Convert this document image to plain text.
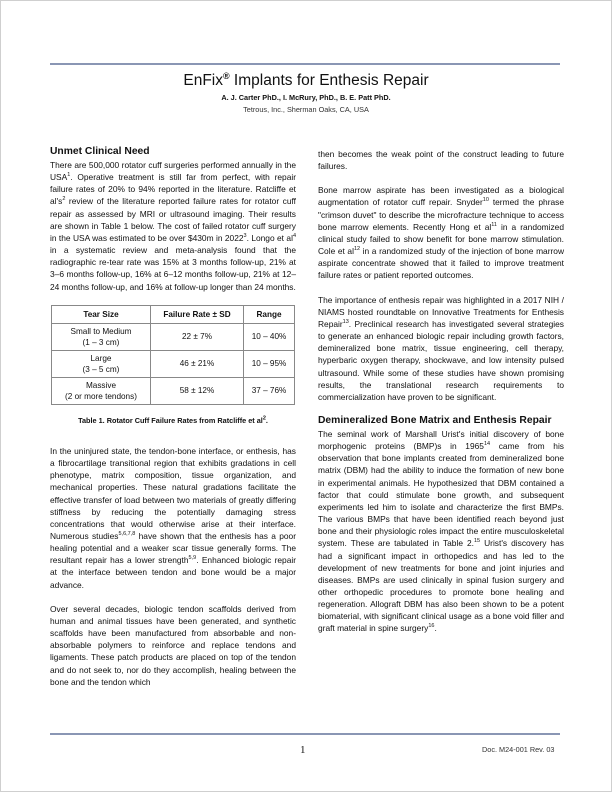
EnFix® Implants for Enthesis Repair
A. J. Carter PhD., I. McRury, PhD., B. E. Patt PhD.
Tetrous, Inc., Sherman Oaks, CA, USA
Unmet Clinical Need

There are 500,000 rotator cuff surgeries performed annually in the USA$^1$. Operative treatment is still far from perfect, with repair failure rates of 20% to 94% reported in the literature. Ratcliffe et $al's^2$ review of the literature reported failure rates for rotator cuff repair as assessed by MRI or ultrasound imaging. Their results are shown in Table 1 below. The cost of failed rotator cuff surgery in the USA was estimated to be over $430m in 2022$^3$. Longo et $al^4$ in a systematic review and meta-analysis found that the radiographic re-tear rate was 15% at 3 months follow-up, 21% at 3–6 months follow-up, 16% at 6–12 months follow-up, 21% at 12–24 months follow-up, and 16% at follow-up longer than 24 months.

Tear Size	Failure Rate ± SD	Range
Small to Medium
(1 – 3 cm)	22 ± 7%	10 – 40%
Large
(3 – 5 cm)	46 ± 21%	10 – 95%
Massive
(2 or more tendons)	58 ± 12%	37 – 76%
Table 1. Rotator Cuff Failure Rates from Ratcliffe et $al^2$.

In the uninjured state, the tendon-bone interface, or enthesis, has a fibrocartilage transitional region that exhibits gradations in cell phenotype, matrix composition, tissue organization, and mechanical properties. These natural gradations facilitate the effective transfer of load between two materials of greatly differing stiffness by reducing the potentially damaging stress concentrations that would otherwise arise at their interface. Numerous studies$^{5,6,7,8}$ have shown that the enthesis has a poor healing potential and a weaker scar tissue generally forms. The resultant repair has a lower strength$^{5,9}$. Enhanced biologic repair at the interface between tendon and bone would be a major advance.

Over several decades, biologic tendon scaffolds derived from human and animal tissues have been generated, and synthetic scaffolds have been manufactured from absorbable and non-absorbable polymers to reinforce and replace tendons and ligaments. These patch products are placed on top of the tendon and do not seek to, nor do they accomplish, healing between the bone and the tendon which

then becomes the weak point of the construct leading to future failures.

Bone marrow aspirate has been investigated as a biological augmentation of rotator cuff repair. Snyder$^{10}$ termed the phrase "crimson duvet" to describe the microfracture technique to access bone marrow elements. Recently Hong et $al^{11}$ in a randomized clinical study failed to show benefit for bone marrow stimulation. Cole et $al^{12}$ in a randomized study of the injection of bone marrow aspirate concentrate showed that it failed to improve treatment failure rates or patient reported outcomes.

The importance of enthesis repair was highlighted in a 2017 NIH / NIAMS hosted roundtable on Innovative Treatments for Enthesis Repair$^{13}$. Preclinical research has investigated several strategies to generate an enhanced biologic repair including growth factors, demineralized bone matrix, tissue engineering, cell therapy, hyperbaric oxygen therapy, shockwave, and low intensity pulsed ultrasound. While some of these studies have shown promising results, the translational research requirements to commercialization have proven to be significant.

Demineralized Bone Matrix and Enthesis Repair

The seminal work of Marshall Urist's initial discovery of bone morphogenic proteins (BMP)s in 1965$^{14}$ came from his observation that bone implants created from demineralized bone matrix (DBM) had the ability to induce the formation of new bone in experimental animals. He hypothesized that DBM contained a factor that could stimulate bone growth, and subsequent experiments led him to isolate and characterize the first BMPs. The various BMPs that have been identified reach beyond just bone and their physiologic roles impact the entire musculoskeletal system. These are tabulated in Table 2.15 Urist's discovery has had a significant impact in orthopedics and has led to the development of new treatments for bone and joint injuries and diseases. BMPs are used clinically in spinal fusion surgery and other orthopedic procedures to promote bone healing and regeneration. Allograft DBM has also been shown to be a potent biomaterial, with significant clinical usage as a bone void filler and graft material in spine surgery$^{16}$.

1	Doc. M24-001 Rev. 03
